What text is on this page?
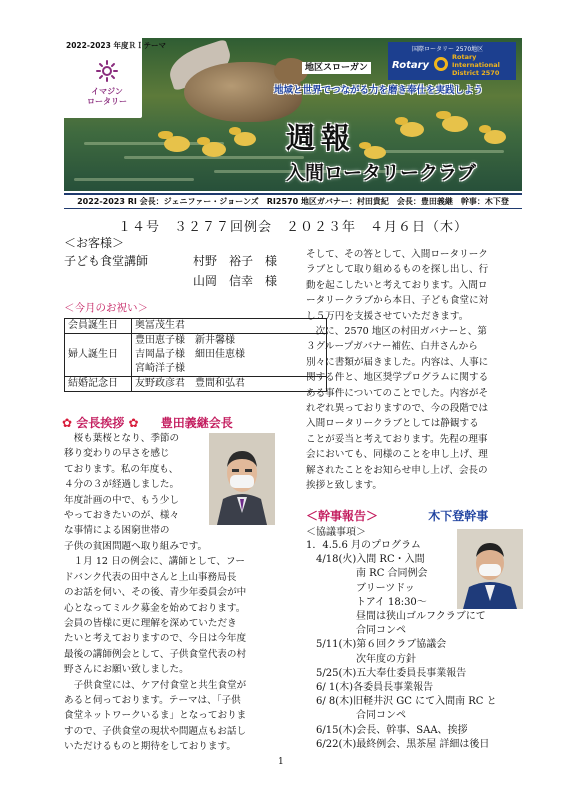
2022-2023 年度ＲＩテーマ
イマジン
ロータリー
国際ロータリー 2570地区
Rotary
Rotary
International
District 2570
地区スローガン
地域と世界でつながる力を磨き奉仕を実践しよう
週報
入間ロータリークラブ
2022-2023 RI 会長：ジェニファー・ジョーンズ　RI2570 地区ガバナー：村田貴紀　会長：豊田義継　幹事：木下登
１４号　３２７７回例会　２０２３年　４月６日（木）
＜お客様＞
子ども食堂講師	村野　裕子　様
山岡　信幸　様
＜今月のお祝い＞
会員誕生日	奥冨茂生君
婦人誕生日	豊田恵子様　新井馨様
吉岡晶子様　細田佳恵様
宮崎洋子様

結婚記念日	友野政彦君　豊間和弘君
✿ 会長挨拶 ✿ 豊田義継会長
　桜も葉桜となり、季節の
移り変わりの早さを感じ
ております。私の年度も、
４分の３が経過しました。
年度計画の中で、もう少し
やっておきたいのが、様々
な事情による困窮世帯の
子供の貧困問題へ取り組みです。
　１月 12 日の例会に、講師として、フー
ドバンク代表の田中さんと上山事務局長
のお話を伺い、その後、青少年委員会が中
心となってミルク募金を始めております。
会員の皆様に更に理解を深めていただき
たいと考えておりますので、今日は今年度
最後の講師例会として、子供食堂代表の村
野さんにお願い致しました。
　子供食堂には、ケア付食堂と共生食堂が
あると伺っております。テーマは、「子供
食堂ネットワークいるま」となっておりま
すので、子供食堂の現状や問題点もお話し
いただけるものと期待をしております。
そして、その答として、入間ロータリーク
ラブとして取り組めるものを探し出し、行
動を起こしたいと考えております。入間ロ
ータリークラブから本日、子ども食堂に対
し５万円を支援させていただきます。
　次に、2570 地区の村田ガバナーと、第
３グループガバナー補佐、白井さんから
別々に書類が届きました。内容は、人事に
関する件と、地区奨学プログラムに関する
ある事件についてのことでした。内容がそ
れぞれ異っておりますので、今の段階では
入間ロータリークラブとしては静観する
ことが妥当と考えております。先程の理事
会においても、同様のことを申し上げ、理
解されたことをお知らせ申し上げ、会長の
挨拶と致します。
＜幹事報告＞	木下登幹事
＜協議事項＞
1．4.5.6 月のプログラム
　4/18(火)入間 RC・入間
　　　　　南 RC 合同例会
　　　　　ブリーツドッ
　　　　　トアイ 18:30～
　　　　　昼間は狭山ゴルフクラブにて
　　　　　合同コンペ
　5/11(木)第６回クラブ協議会
　　　　　次年度の方針
　5/25(木)五大奉仕委員長事業報告
　6/ 1(木)各委員長事業報告
　6/ 8(木)旧軽井沢 GC にて入間南 RC と
　　　　　合同コンペ
　6/15(木)会長、幹事、SAA、挨拶
　6/22(木)最終例会、黒茶屋 詳細は後日
1
